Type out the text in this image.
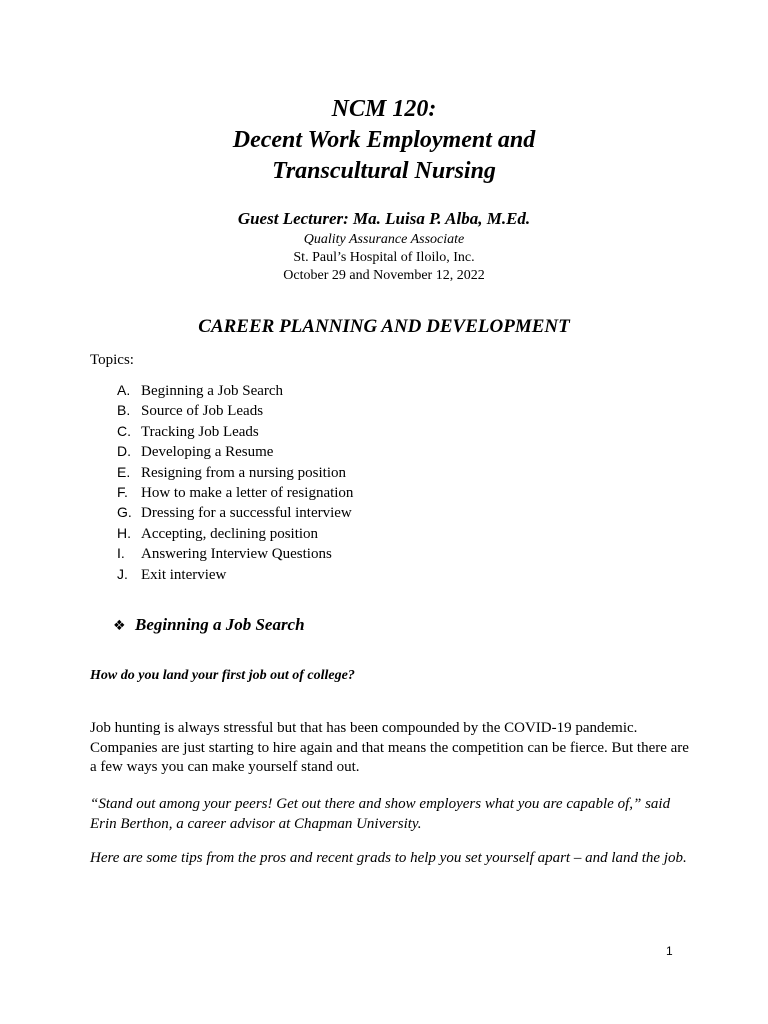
NCM 120:
Decent Work Employment and
Transcultural Nursing
Guest Lecturer: Ma. Luisa P. Alba, M.Ed.
Quality Assurance Associate
St. Paul’s Hospital of Iloilo, Inc.
October 29 and November 12, 2022
CAREER PLANNING AND DEVELOPMENT
Topics:
A. Beginning a Job Search
B. Source of Job Leads
C. Tracking Job Leads
D. Developing a Resume
E. Resigning from a nursing position
F. How to make a letter of resignation
G. Dressing for a successful interview
H. Accepting, declining position
I. Answering Interview Questions
J. Exit interview
❖ Beginning a Job Search
How do you land your first job out of college?
Job hunting is always stressful but that has been compounded by the COVID-19 pandemic. Companies are just starting to hire again and that means the competition can be fierce. But there are a few ways you can make yourself stand out.
“Stand out among your peers! Get out there and show employers what you are capable of,” said Erin Berthon, a career advisor at Chapman University.
Here are some tips from the pros and recent grads to help you set yourself apart – and land the job.
1
